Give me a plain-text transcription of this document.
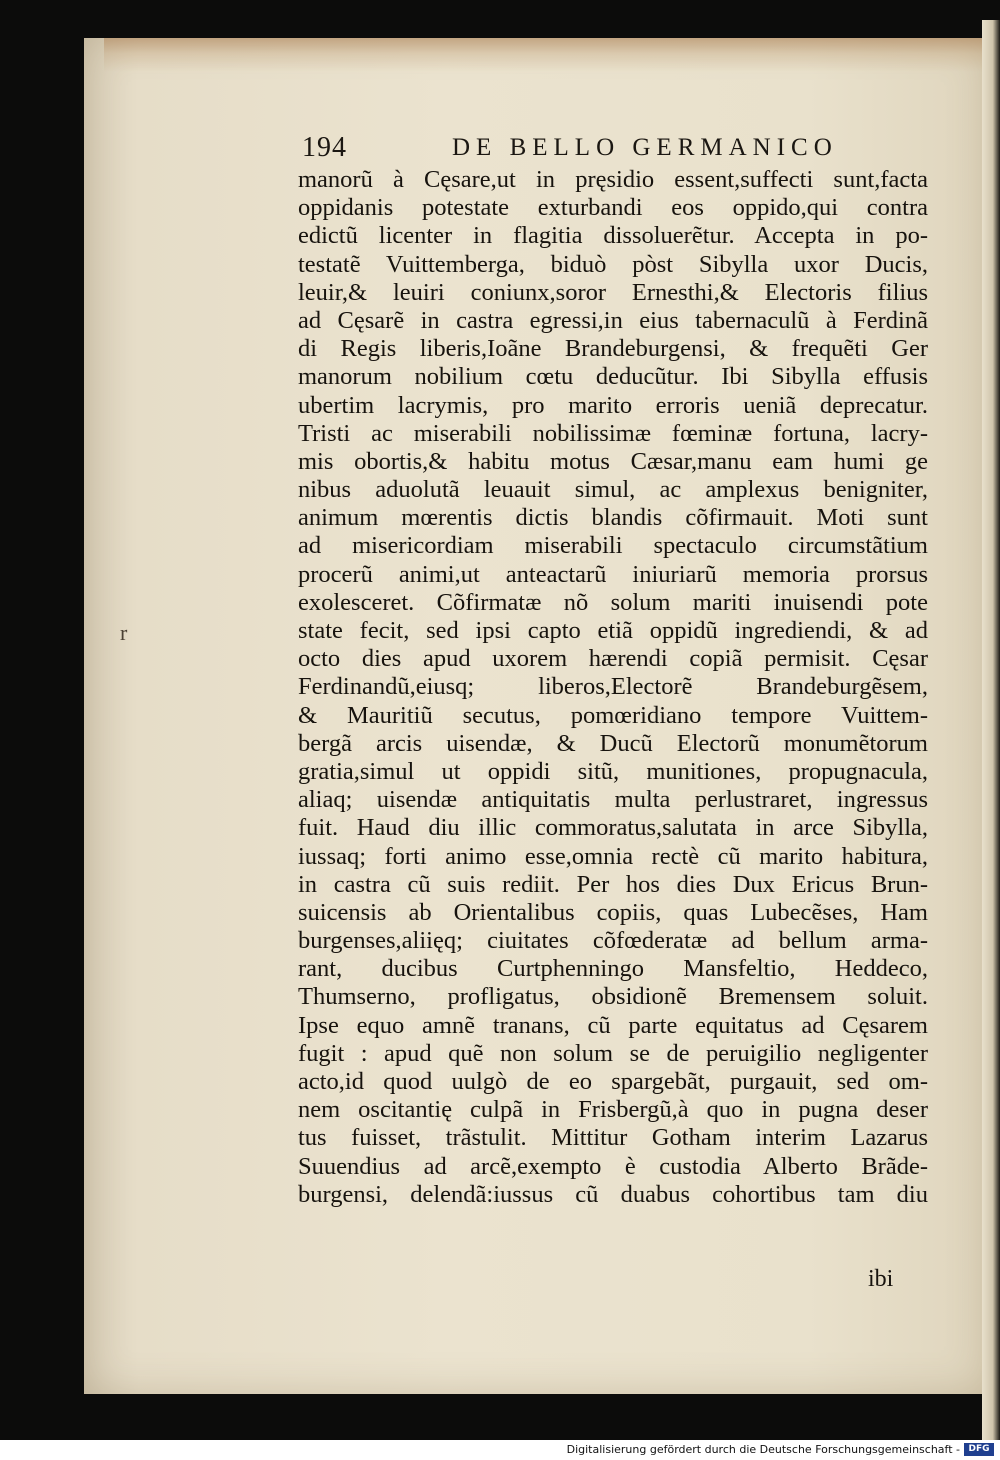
r
194	DE BELLO GERMANICO
manorũ à Cęsare,ut in pręsidio essent,suffecti sunt,facta
oppidanis potestate exturbandi eos oppido,qui contra
edictũ licenter in flagitia dissoluerẽtur. Accepta in po-
testatẽ Vuittemberga, biduò pòst Sibylla uxor Ducis,
leuir,& leuiri coniunx,soror Ernesthi,& Electoris filius
ad Cęsarẽ in castra egressi,in eius tabernaculũ à Ferdinã
di Regis liberis,Ioãne Brandeburgensi, & frequẽti Ger
manorum nobilium cœtu deducũtur. Ibi Sibylla effusis
ubertim lacrymis, pro marito erroris ueniã deprecatur.
Tristi ac miserabili nobilissimæ fœminæ fortuna, lacry-
mis obortis,& habitu motus Cæsar,manu eam humi ge
nibus aduolutã leuauit simul, ac amplexus benigniter,
animum mœrentis dictis blandis cõfirmauit. Moti sunt
ad misericordiam miserabili spectaculo circumstãtium
procerũ animi,ut anteactarũ iniuriarũ memoria prorsus
exolesceret. Cõfirmatæ nõ solum mariti inuisendi pote
state fecit, sed ipsi capto etiã oppidũ ingrediendi, & ad
octo dies apud uxorem hærendi copiã permisit. Cęsar
Ferdinandũ,eiusq; liberos,Electorẽ Brandeburgẽsem,
& Mauritiũ secutus, pomœridiano tempore Vuittem-
bergã arcis uisendæ, & Ducũ Electorũ monumẽtorum
gratia,simul ut oppidi sitũ, munitiones, propugnacula,
aliaq; uisendæ antiquitatis multa perlustraret, ingressus
fuit. Haud diu illic commoratus,salutata in arce Sibylla,
iussaq; forti animo esse,omnia rectè cũ marito habitura,
in castra cũ suis rediit. Per hos dies Dux Ericus Brun-
suicensis ab Orientalibus copiis, quas Lubecẽses, Ham
burgenses,aliięq; ciuitates cõfœderatæ ad bellum arma-
rant, ducibus Curtphenningo Mansfeltio, Heddeco,
Thumserno, profligatus, obsidionẽ Bremensem soluit.
Ipse equo amnẽ tranans, cũ parte equitatus ad Cęsarem
fugit : apud quẽ non solum se de peruigilio negligenter
acto,id quod uulgò de eo spargebãt, purgauit, sed om-
nem oscitantię culpã in Frisbergũ,à quo in pugna deser
tus fuisset, trãstulit. Mittitur Gotham interim Lazarus
Suuendius ad arcẽ,exempto è custodia Alberto Brãde-
burgensi, delendã:iussus cũ duabus cohortibus tam diu
ibi
Digitalisierung gefördert durch die Deutsche Forschungsgemeinschaft - DFG
